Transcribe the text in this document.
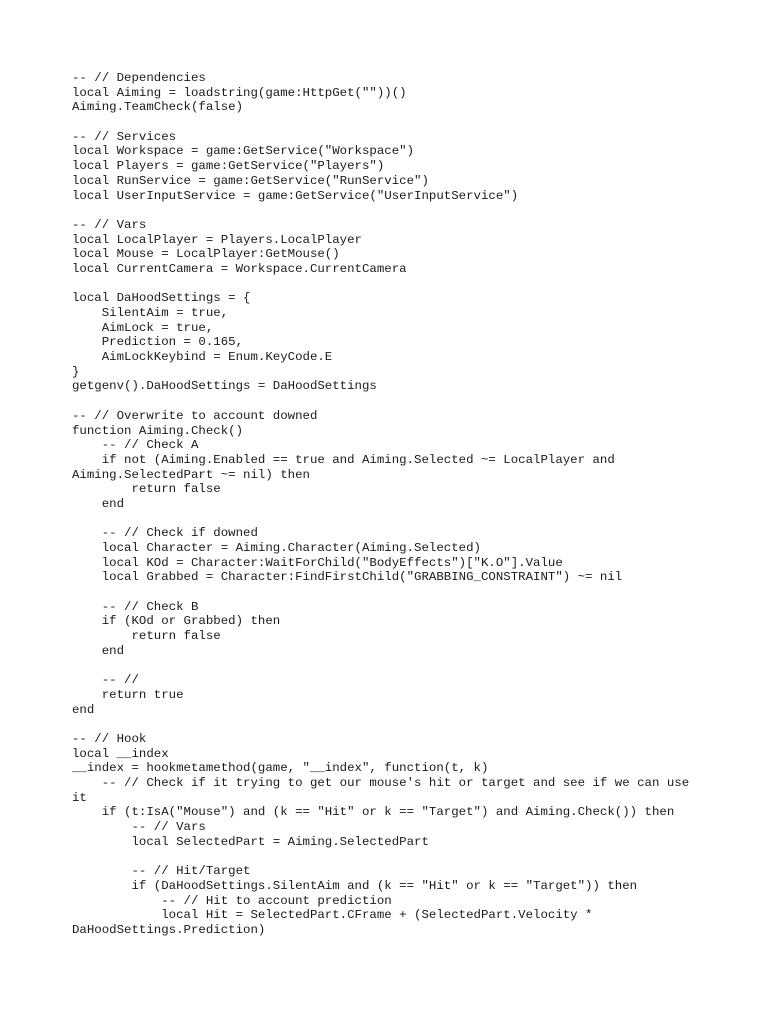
-- // Dependencies
local Aiming = loadstring(game:HttpGet(""))()
Aiming.TeamCheck(false)
-- // Services
local Workspace = game:GetService("Workspace")
local Players = game:GetService("Players")
local RunService = game:GetService("RunService")
local UserInputService = game:GetService("UserInputService")
-- // Vars
local LocalPlayer = Players.LocalPlayer
local Mouse = LocalPlayer:GetMouse()
local CurrentCamera = Workspace.CurrentCamera
local DaHoodSettings = {
SilentAim = true,
AimLock = true,
Prediction = 0.165,
AimLockKeybind = Enum.KeyCode.E
}
getgenv().DaHoodSettings = DaHoodSettings
-- // Overwrite to account downed
function Aiming.Check()
-- // Check A
if not (Aiming.Enabled == true and Aiming.Selected ~= LocalPlayer and
Aiming.SelectedPart ~= nil) then
return false
end
-- // Check if downed
local Character = Aiming.Character(Aiming.Selected)
local KOd = Character:WaitForChild("BodyEffects")["K.O"].Value
local Grabbed = Character:FindFirstChild("GRABBING_CONSTRAINT") ~= nil
-- // Check B
if (KOd or Grabbed) then
return false
end
-- //
return true
end
-- // Hook
local __index
__index = hookmetamethod(game, "__index", function(t, k)
-- // Check if it trying to get our mouse's hit or target and see if we can use
it
if (t:IsA("Mouse") and (k == "Hit" or k == "Target") and Aiming.Check()) then
-- // Vars
local SelectedPart = Aiming.SelectedPart
-- // Hit/Target
if (DaHoodSettings.SilentAim and (k == "Hit" or k == "Target")) then
-- // Hit to account prediction
local Hit = SelectedPart.CFrame + (SelectedPart.Velocity *
DaHoodSettings.Prediction)
